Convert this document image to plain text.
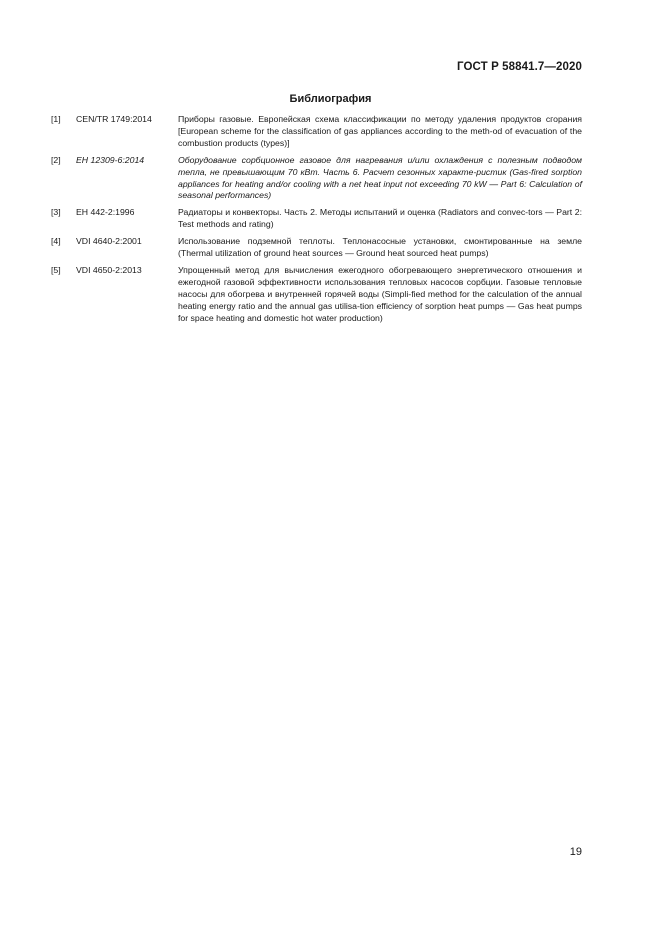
ГОСТ Р 58841.7—2020
Библиография
[1] CEN/TR 1749:2014	Приборы газовые. Европейская схема классификации по методу удаления продуктов сгорания [European scheme for the classification of gas appliances according to the meth-od of evacuation of the combustion products (types)]
[2] ЕН 12309-6:2014	Оборудование сорбционное газовое для нагревания и/или охлаждения с полезным подводом тепла, не превышающим 70 кВт. Часть 6. Расчет сезонных характе-ристик (Gas-fired sorption appliances for heating and/or cooling with a net heat input not exceeding 70 kW — Part 6: Calculation of seasonal performances)
[3] ЕН 442-2:1996	Радиаторы и конвекторы. Часть 2. Методы испытаний и оценка (Radiators and convec-tors — Part 2: Test methods and rating)
[4] VDI 4640-2:2001	Использование подземной теплоты. Теплонасосные установки, смонтированные на земле (Thermal utilization of ground heat sources — Ground heat sourced heat pumps)
[5] VDI 4650-2:2013	Упрощенный метод для вычисления ежегодного обогревающего энергетического отношения и ежегодной газовой эффективности использования тепловых насосов сорбции. Газовые тепловые насосы для обогрева и внутренней горячей воды (Simpli-fied method for the calculation of the annual heating energy ratio and the annual gas utilisa-tion efficiency of sorption heat pumps — Gas heat pumps for space heating and domestic hot water production)
19
